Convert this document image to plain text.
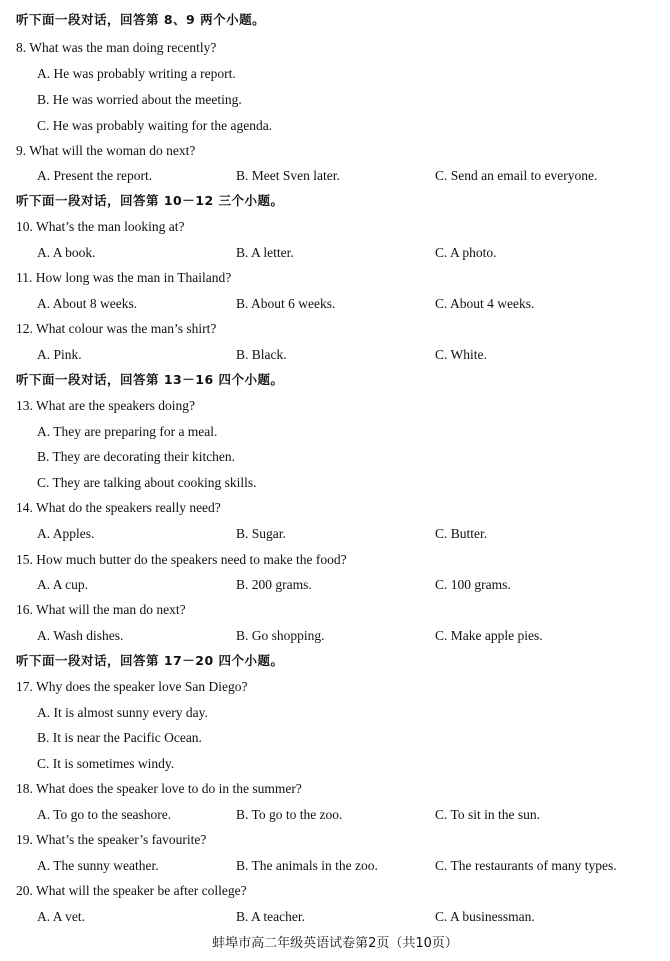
听下面一段对话，回答第 8、9 两个小题。
8. What was the man doing recently?
A. He was probably writing a report.
B. He was worried about the meeting.
C. He was probably waiting for the agenda.
9. What will the woman do next?
A. Present the report.	B. Meet Sven later.	C. Send an email to everyone.
听下面一段对话，回答第 10－12 三个小题。
10. What’s the man looking at?
A. A book.	B. A letter.	C. A photo.
11. How long was the man in Thailand?
A. About 8 weeks.	B. About 6 weeks.	C. About 4 weeks.
12. What colour was the man’s shirt?
A. Pink.	B. Black.	C. White.
听下面一段对话，回答第 13－16 四个小题。
13. What are the speakers doing?
A. They are preparing for a meal.
B. They are decorating their kitchen.
C. They are talking about cooking skills.
14. What do the speakers really need?
A. Apples.	B. Sugar.	C. Butter.
15. How much butter do the speakers need to make the food?
A. A cup.	B. 200 grams.	C. 100 grams.
16. What will the man do next?
A. Wash dishes.	B. Go shopping.	C. Make apple pies.
听下面一段对话，回答第 17－20 四个小题。
17. Why does the speaker love San Diego?
A. It is almost sunny every day.
B. It is near the Pacific Ocean.
C. It is sometimes windy.
18. What does the speaker love to do in the summer?
A. To go to the seashore.	B. To go to the zoo.	C. To sit in the sun.
19. What’s the speaker’s favourite?
A. The sunny weather.	B. The animals in the zoo.	C. The restaurants of many types.
20. What will the speaker be after college?
A. A vet.	B. A teacher.	C. A businessman.
蚌埠市高二年级英语试卷第2页（共10页）
